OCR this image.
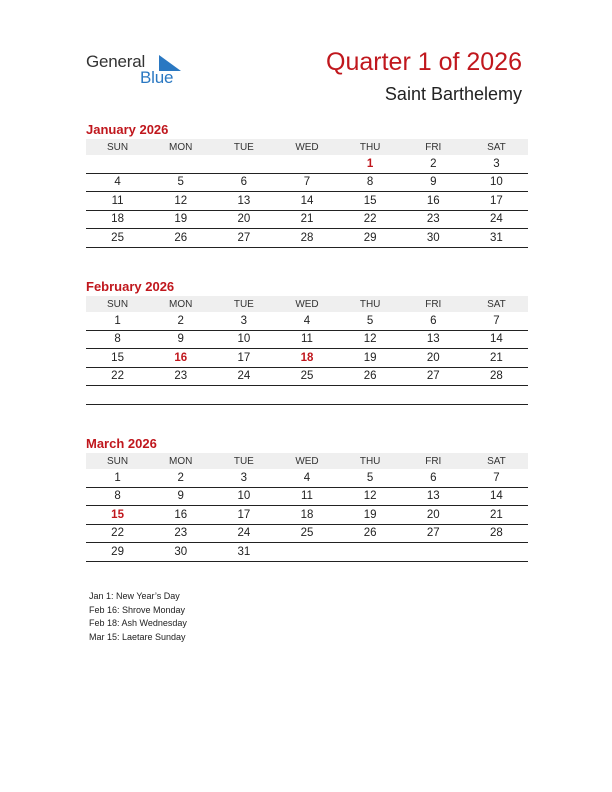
General
Blue
Quarter 1 of 2026
Saint Barthelemy
January 2026
SUN	MON	TUE	WED	THU	FRI	SAT
				1	2	3
4	5	6	7	8	9	10
11	12	13	14	15	16	17
18	19	20	21	22	23	24
25	26	27	28	29	30	31
February 2026
SUN	MON	TUE	WED	THU	FRI	SAT
1	2	3	4	5	6	7
8	9	10	11	12	13	14
15	16	17	18	19	20	21
22	23	24	25	26	27	28

March 2026
SUN	MON	TUE	WED	THU	FRI	SAT
1	2	3	4	5	6	7
8	9	10	11	12	13	14
15	16	17	18	19	20	21
22	23	24	25	26	27	28
29	30	31				
Jan 1: New Year’s Day
Feb 16: Shrove Monday
Feb 18: Ash Wednesday
Mar 15: Laetare Sunday
